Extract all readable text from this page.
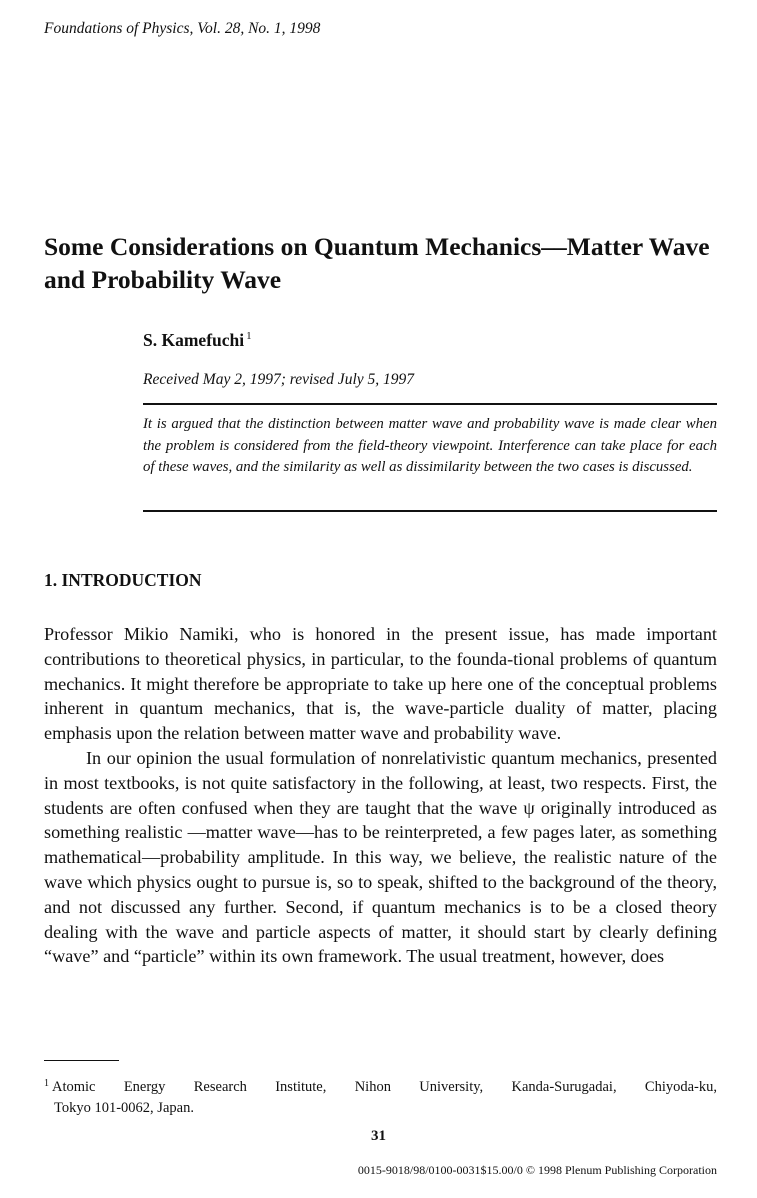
Foundations of Physics, Vol. 28, No. 1, 1998
Some Considerations on Quantum Mechanics––Matter Wave and Probability Wave
S. Kamefuchi $^1$
Received May 2, 1997; revised July 5, 1997
It is argued that the distinction between matter wave and probability wave is made clear when the problem is considered from the field-theory viewpoint. Interference can take place for each of these waves, and the similarity as well as dissimilarity between the two cases is discussed.
1. INTRODUCTION

Professor Mikio Namiki, who is honored in the present issue, has made important contributions to theoretical physics, in particular, to the founda-tional problems of quantum mechanics. It might therefore be appropriate to take up here one of the conceptual problems inherent in quantum mechanics, that is, the wave-particle duality of matter, placing emphasis upon the relation between matter wave and probability wave.

In our opinion the usual formulation of nonrelativistic quantum mechanics, presented in most textbooks, is not quite satisfactory in the following, at least, two respects. First, the students are often confused when they are taught that the wave ψ originally introduced as something realistic —matter wave––has to be reinterpreted, a few pages later, as something mathematical—probability amplitude. In this way, we believe, the realistic nature of the wave which physics ought to pursue is, so to speak, shifted to the background of the theory, and not discussed any further. Second, if quantum mechanics is to be a closed theory dealing with the wave and particle aspects of matter, it should start by clearly defining “wave” and “particle” within its own framework. The usual treatment, however, does

$^1$ Atomic Energy Research Institute, Nihon University, Kanda-Surugadai, Chiyoda-ku,
Tokyo 101-0062, Japan.
31
0015-9018/98/0100-0031$15.00/0 © 1998 Plenum Publishing Corporation
